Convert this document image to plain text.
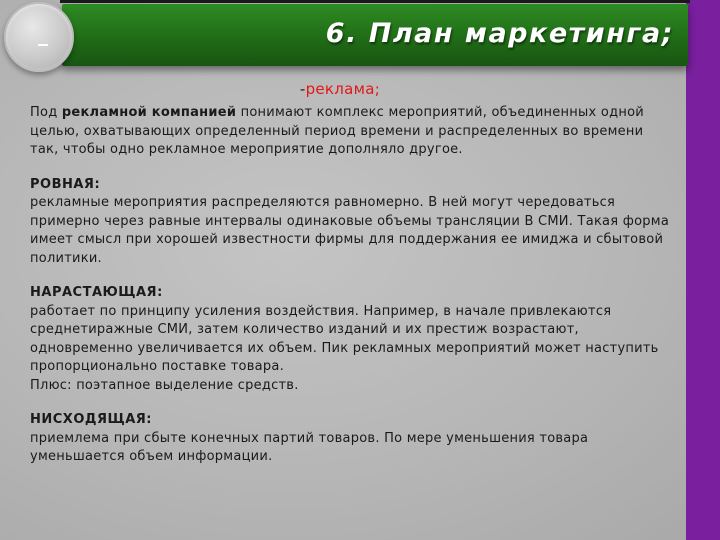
6. План маркетинга;
-реклама;

Под рекламной компанией понимают комплекс мероприятий, объединенных одной целью, охватывающих определенный период времени и распределенных во времени так, чтобы одно рекламное мероприятие дополняло другое.

РОВНАЯ:
рекламные мероприятия распределяются равномерно. В ней могут чередоваться примерно через равные интервалы одинаковые объемы трансляции В СМИ. Такая форма имеет смысл при хорошей известности фирмы для поддержания ее имиджа и сбытовой политики.

НАРАСТАЮЩАЯ:
работает по принципу усиления воздействия. Например, в начале привлекаются среднетиражные СМИ, затем количество изданий и их престиж возрастают, одновременно увеличивается их объем. Пик рекламных мероприятий может наступить пропорционально поставке товара.
Плюс: поэтапное выделение средств.

НИСХОДЯЩАЯ:
приемлема при сбыте конечных партий товаров. По мере уменьшения товара уменьшается объем информации.
